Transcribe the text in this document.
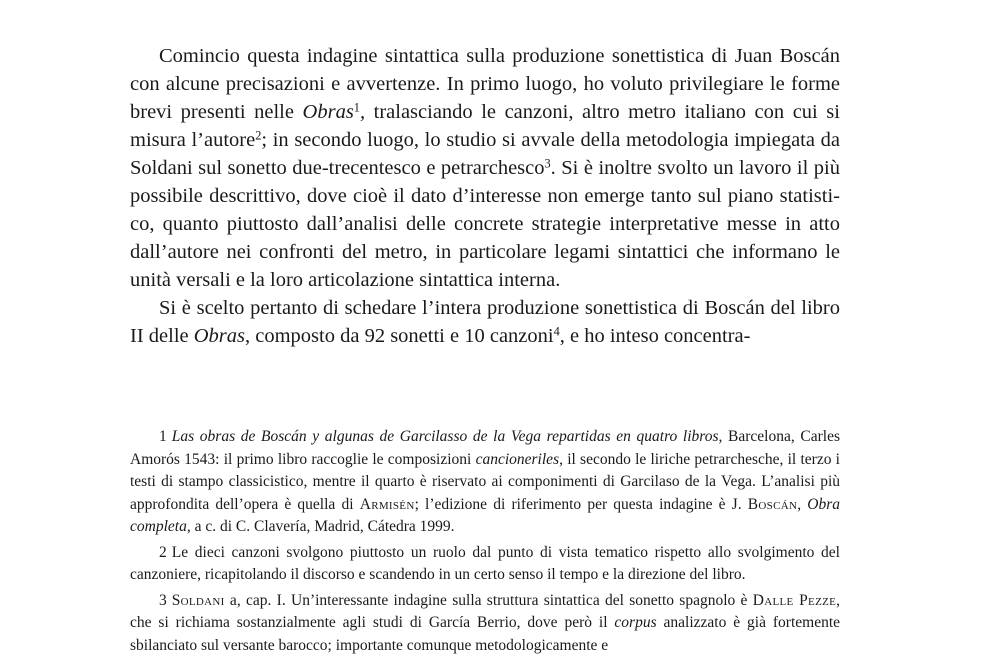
Comincio questa indagine sintattica sulla produzione sonettistica di Juan Boscán con alcune precisazioni e avvertenze. In primo luogo, ho voluto privilegiare le forme brevi presenti nelle Obras$^1$, tralasciando le canzoni, altro metro italiano con cui si misura l’autore$^2$; in secondo luogo, lo studio si avvale della metodologia impiegata da Soldani sul sonetto due-trecentesco e petrarchesco$^3$. Si è inoltre svolto un lavoro il più possibile descrittivo, dove cioè il dato d’interesse non emerge tanto sul piano statistico, quanto piuttosto dall’analisi delle concrete strategie interpretative messe in atto dall’autore nei confronti del metro, in particolare legami sintattici che informano le unità versali e la loro articolazione sintattica interna.

Si è scelto pertanto di schedare l’intera produzione sonettistica di Boscán del libro II delle Obras, composto da 92 sonetti e 10 canzoni$^4$, e ho inteso concentra-

1 Las obras de Boscán y algunas de Garcilasso de la Vega repartidas en quatro libros, Barcelona, Carles Amorós 1543: il primo libro raccoglie le composizioni cancioneriles, il secondo le liriche petrarchesche, il terzo i testi di stampo classicistico, mentre il quarto è riservato ai componimenti di Garcilaso de la Vega. L’analisi più approfondita dell’opera è quella di Armisén; l’edizione di riferimento per questa indagine è J. Boscán, Obra completa, a c. di C. Clavería, Madrid, Cátedra 1999.

2 Le dieci canzoni svolgono piuttosto un ruolo dal punto di vista tematico rispetto allo svolgimento del canzoniere, ricapitolando il discorso e scandendo in un certo senso il tempo e la direzione del libro.

3 Soldani a, cap. I. Un’interessante indagine sulla struttura sintattica del sonetto spagnolo è Dalle Pezze, che si richiama sostanzialmente agli studi di García Berrio, dove però il corpus analizzato è già fortemente sbilanciato sul versante barocco; importante comunque metodologicamente e
